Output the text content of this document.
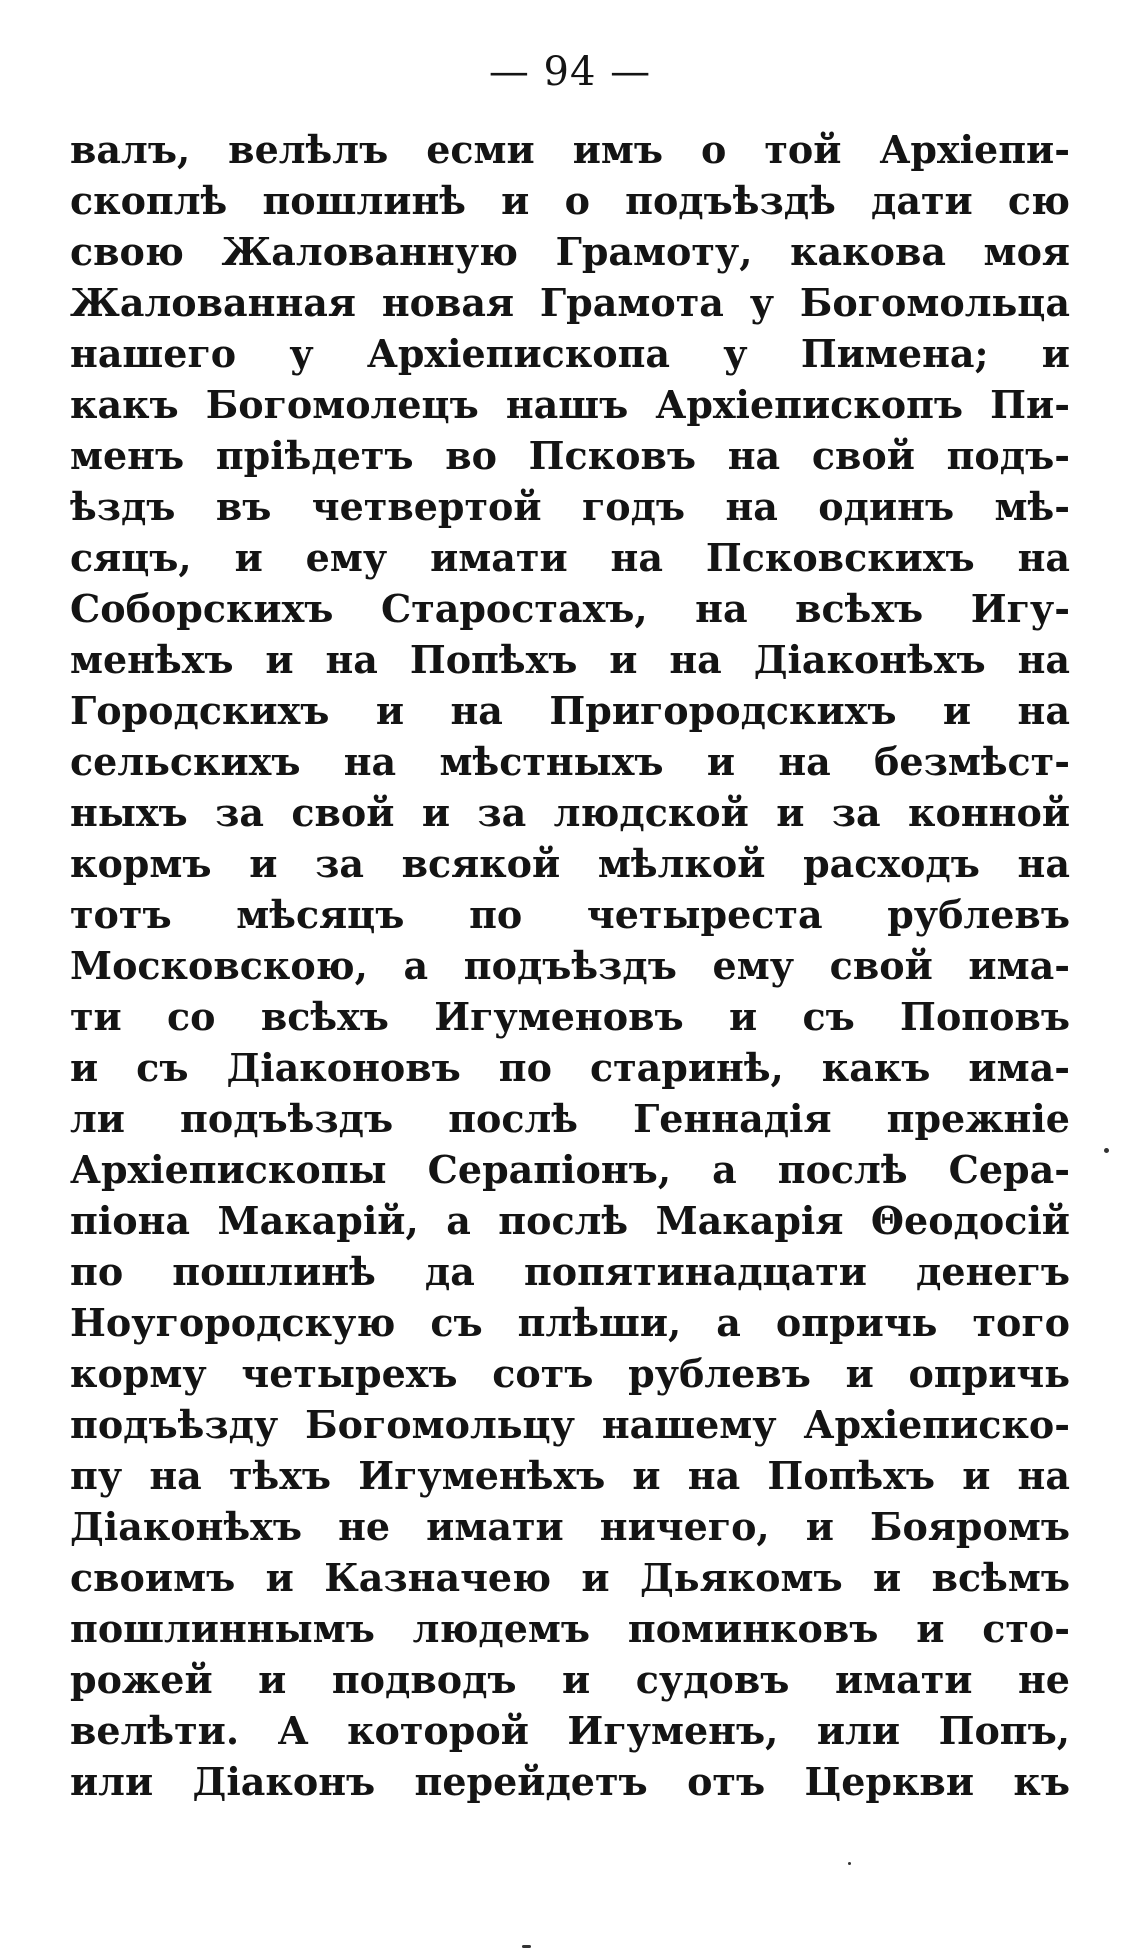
— 94 —
валъ, велѣлъ есми имъ о той Архіепи-
скоплѣ пошлинѣ и о подъѣздѣ дати сю
свою Жалованную Грамоту, какова моя
Жалованная новая Грамота у Богомольца
нашего у Архіепископа у Пимена; и
какъ Богомолецъ нашъ Архіепископъ Пи-
менъ пріѣдетъ во Псковъ на свой подъ-
ѣздъ въ четвертой годъ на одинъ мѣ-
сяцъ, и ему имати на Псковскихъ на
Соборскихъ Старостахъ, на всѣхъ Игу-
менѣхъ и на Попѣхъ и на Діаконѣхъ на
Городскихъ и на Пригородскихъ и на
сельскихъ на мѣстныхъ и на безмѣст-
ныхъ за свой и за людской и за конной
кормъ и за всякой мѣлкой расходъ на
тотъ мѣсяцъ по четыреста рублевъ
Московскою, а подъѣздъ ему свой има-
ти со всѣхъ Игуменовъ и съ Поповъ
и съ Діаконовъ по старинѣ, какъ има-
ли подъѣздъ послѣ Геннадія прежніе
Архіепископы Серапіонъ, а послѣ Сера-
піона Макарій, а послѣ Макарія Θеодосій
по пошлинѣ да попятинадцати денегъ
Ноугородскую съ плѣши, а опричь того
корму четырехъ сотъ рублевъ и опричь
подъѣзду Богомольцу нашему Архіеписко-
пу на тѣхъ Игуменѣхъ и на Попѣхъ и на
Діаконѣхъ не имати ничего, и Бояромъ
своимъ и Казначею и Дьякомъ и всѣмъ
пошлиннымъ людемъ поминковъ и сто-
рожей и подводъ и судовъ имати не
велѣти. А которой Игуменъ, или Попъ,
или Діаконъ перейдетъ отъ Церкви къ
